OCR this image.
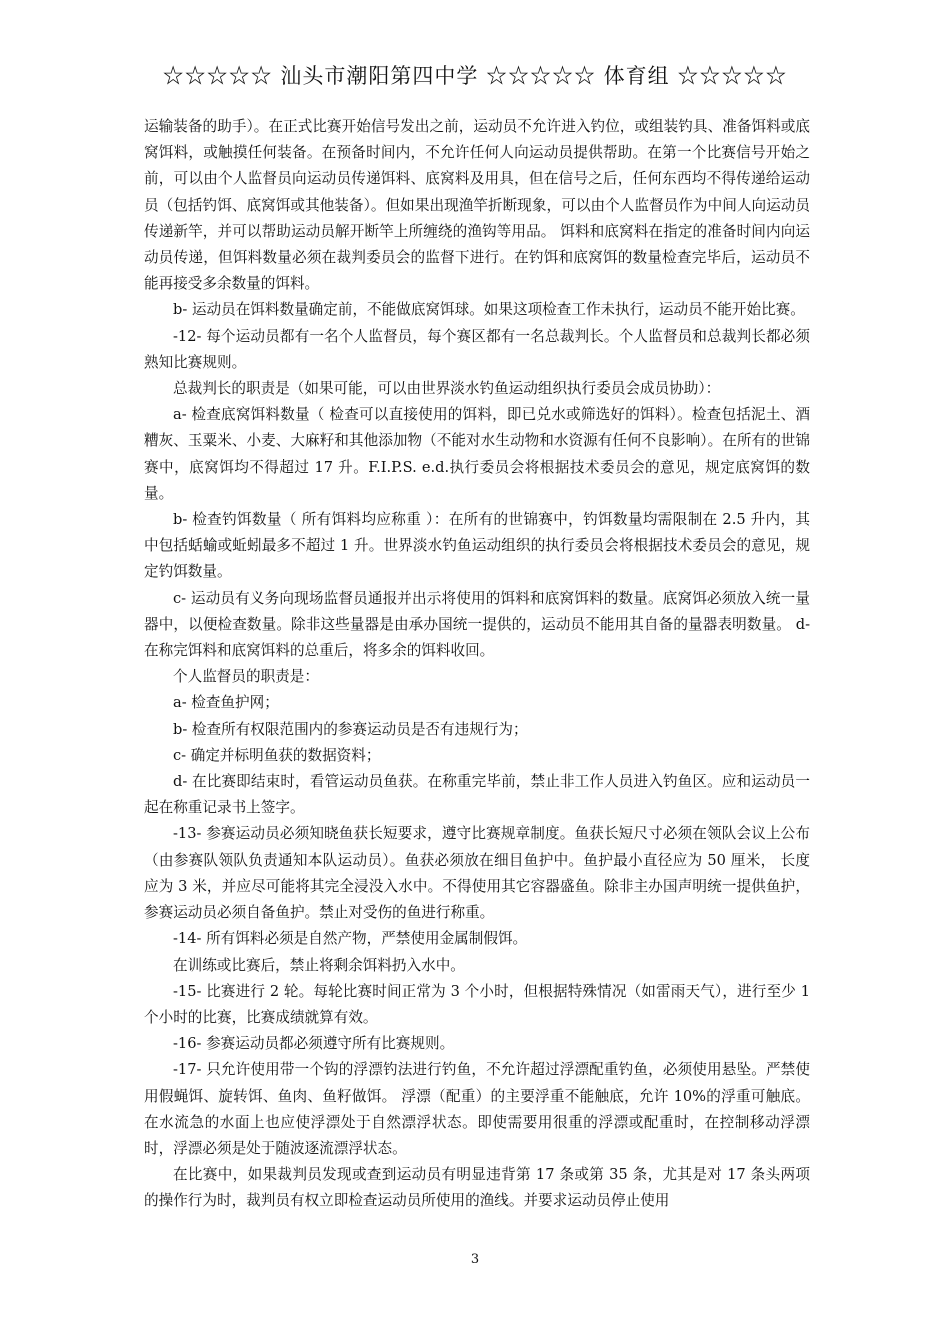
☆☆☆☆☆ 汕头市潮阳第四中学 ☆☆☆☆☆ 体育组 ☆☆☆☆☆

运输装备的助手）。在正式比赛开始信号发出之前，运动员不允许进入钓位，或组装钓具、准备饵料或底窝饵料，或触摸任何装备。在预备时间内，不允许任何人向运动员提供帮助。在第一个比赛信号开始之前，可以由个人监督员向运动员传递饵料、底窝料及用具，但在信号之后，任何东西均不得传递给运动员（包括钓饵、底窝饵或其他装备）。但如果出现渔竿折断现象，可以由个人监督员作为中间人向运动员传递新竿，并可以帮助运动员解开断竿上所缠绕的渔钩等用品。 饵料和底窝料在指定的准备时间内向运动员传递，但饵料数量必须在裁判委员会的监督下进行。在钓饵和底窝饵的数量检查完毕后，运动员不能再接受多余数量的饵料。

b- 运动员在饵料数量确定前，不能做底窝饵球。如果这项检查工作未执行，运动员不能开始比赛。

-12- 每个运动员都有一名个人监督员，每个赛区都有一名总裁判长。个人监督员和总裁判长都必须熟知比赛规则。

总裁判长的职责是（如果可能，可以由世界淡水钓鱼运动组织执行委员会成员协助）：

a- 检查底窝饵料数量（ 检查可以直接使用的饵料，即已兑水或筛选好的饵料）。检查包括泥土、酒糟灰、玉粟米、小麦、大麻籽和其他添加物（不能对水生动物和水资源有任何不良影响）。在所有的世锦赛中，底窝饵均不得超过 17 升。F.I.P.S. e.d.执行委员会将根据技术委员会的意见，规定底窝饵的数量。

b- 检查钓饵数量（ 所有饵料均应称重 ）：在所有的世锦赛中，钓饵数量均需限制在 2.5 升内，其中包括蛞蝓或蚯蚓最多不超过 1 升。世界淡水钓鱼运动组织的执行委员会将根据技术委员会的意见，规定钓饵数量。

c- 运动员有义务向现场监督员通报并出示将使用的饵料和底窝饵料的数量。底窝饵必须放入统一量器中，以便检查数量。除非这些量器是由承办国统一提供的，运动员不能用其自备的量器表明数量。 d- 在称完饵料和底窝饵料的总重后，将多余的饵料收回。

个人监督员的职责是：

a- 检查鱼护网；

b- 检查所有权限范围内的参赛运动员是否有违规行为；

c- 确定并标明鱼获的数据资料；

d- 在比赛即结束时，看管运动员鱼获。在称重完毕前，禁止非工作人员进入钓鱼区。应和运动员一起在称重记录书上签字。

-13- 参赛运动员必须知晓鱼获长短要求，遵守比赛规章制度。鱼获长短尺寸必须在领队会议上公布（由参赛队领队负责通知本队运动员）。鱼获必须放在细目鱼护中。鱼护最小直径应为 50 厘米， 长度应为 3 米，并应尽可能将其完全浸没入水中。不得使用其它容器盛鱼。除非主办国声明统一提供鱼护，参赛运动员必须自备鱼护。禁止对受伤的鱼进行称重。

-14- 所有饵料必须是自然产物，严禁使用金属制假饵。

在训练或比赛后，禁止将剩余饵料扔入水中。

-15- 比赛进行 2 轮。每轮比赛时间正常为 3 个小时，但根据特殊情况（如雷雨天气），进行至少 1 个小时的比赛，比赛成绩就算有效。

-16- 参赛运动员都必须遵守所有比赛规则。

-17- 只允许使用带一个钩的浮漂钓法进行钓鱼，不允许超过浮漂配重钓鱼，必须使用悬坠。严禁使用假蝇饵、旋转饵、鱼肉、鱼籽做饵。 浮漂（配重）的主要浮重不能触底，允许 10%的浮重可触底。在水流急的水面上也应使浮漂处于自然漂浮状态。即使需要用很重的浮漂或配重时，在控制移动浮漂时，浮漂必须是处于随波逐流漂浮状态。

在比赛中，如果裁判员发现或查到运动员有明显违背第 17 条或第 35 条，尤其是对 17 条头两项的操作行为时，裁判员有权立即检查运动员所使用的渔线。并要求运动员停止使用

3
